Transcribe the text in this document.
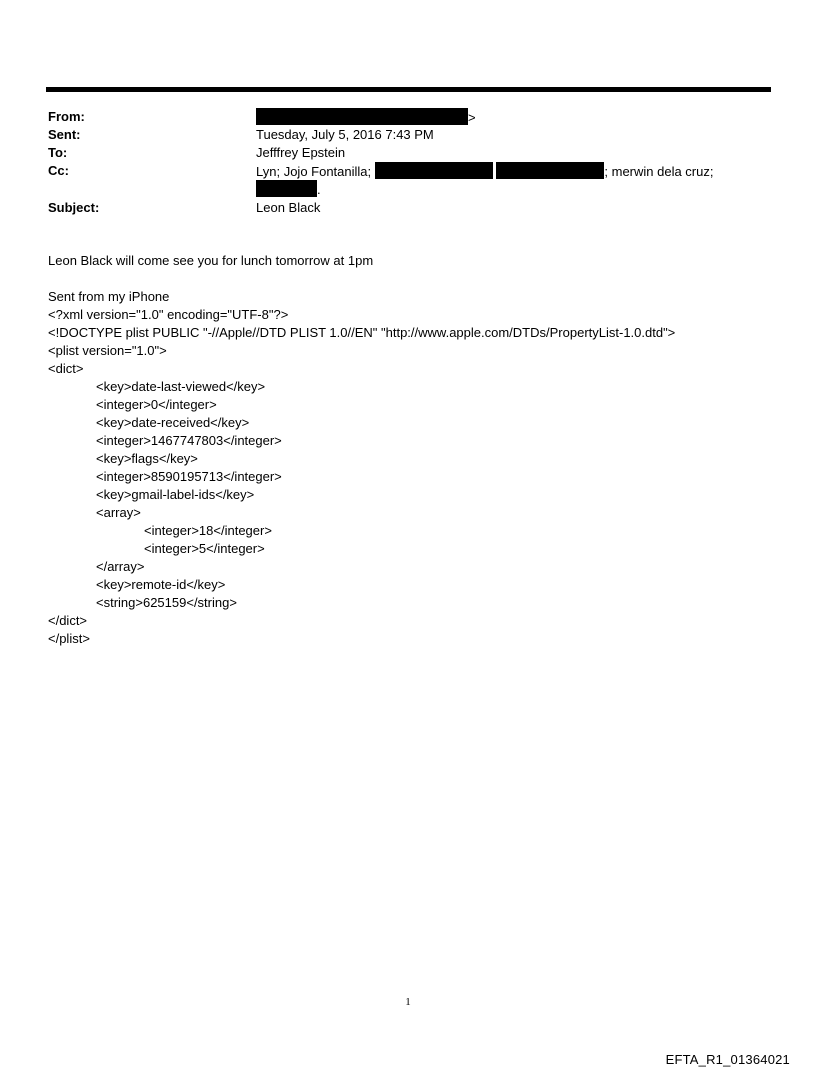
From:	>
Sent:	Tuesday, July 5, 2016 7:43 PM
To:	Jefffrey Epstein
Cc:	Lyn; Jojo Fontanilla;	; merwin dela cruz;
.
Subject:	Leon Black
Leon Black will come see you for lunch tomorrow at 1pm
Sent from my iPhone
<?xml version="1.0" encoding="UTF-8"?>
<!DOCTYPE plist PUBLIC "-//Apple//DTD PLIST 1.0//EN" "http://www.apple.com/DTDs/PropertyList-1.0.dtd">
<plist version="1.0">
<dict>
<key>date-last-viewed</key>
<integer>0</integer>
<key>date-received</key>
<integer>1467747803</integer>
<key>flags</key>
<integer>8590195713</integer>
<key>gmail-label-ids</key>
<array>
<integer>18</integer>
<integer>5</integer>
</array>
<key>remote-id</key>
<string>625159</string>
</dict>
</plist>
1
EFTA_R1_01364021
